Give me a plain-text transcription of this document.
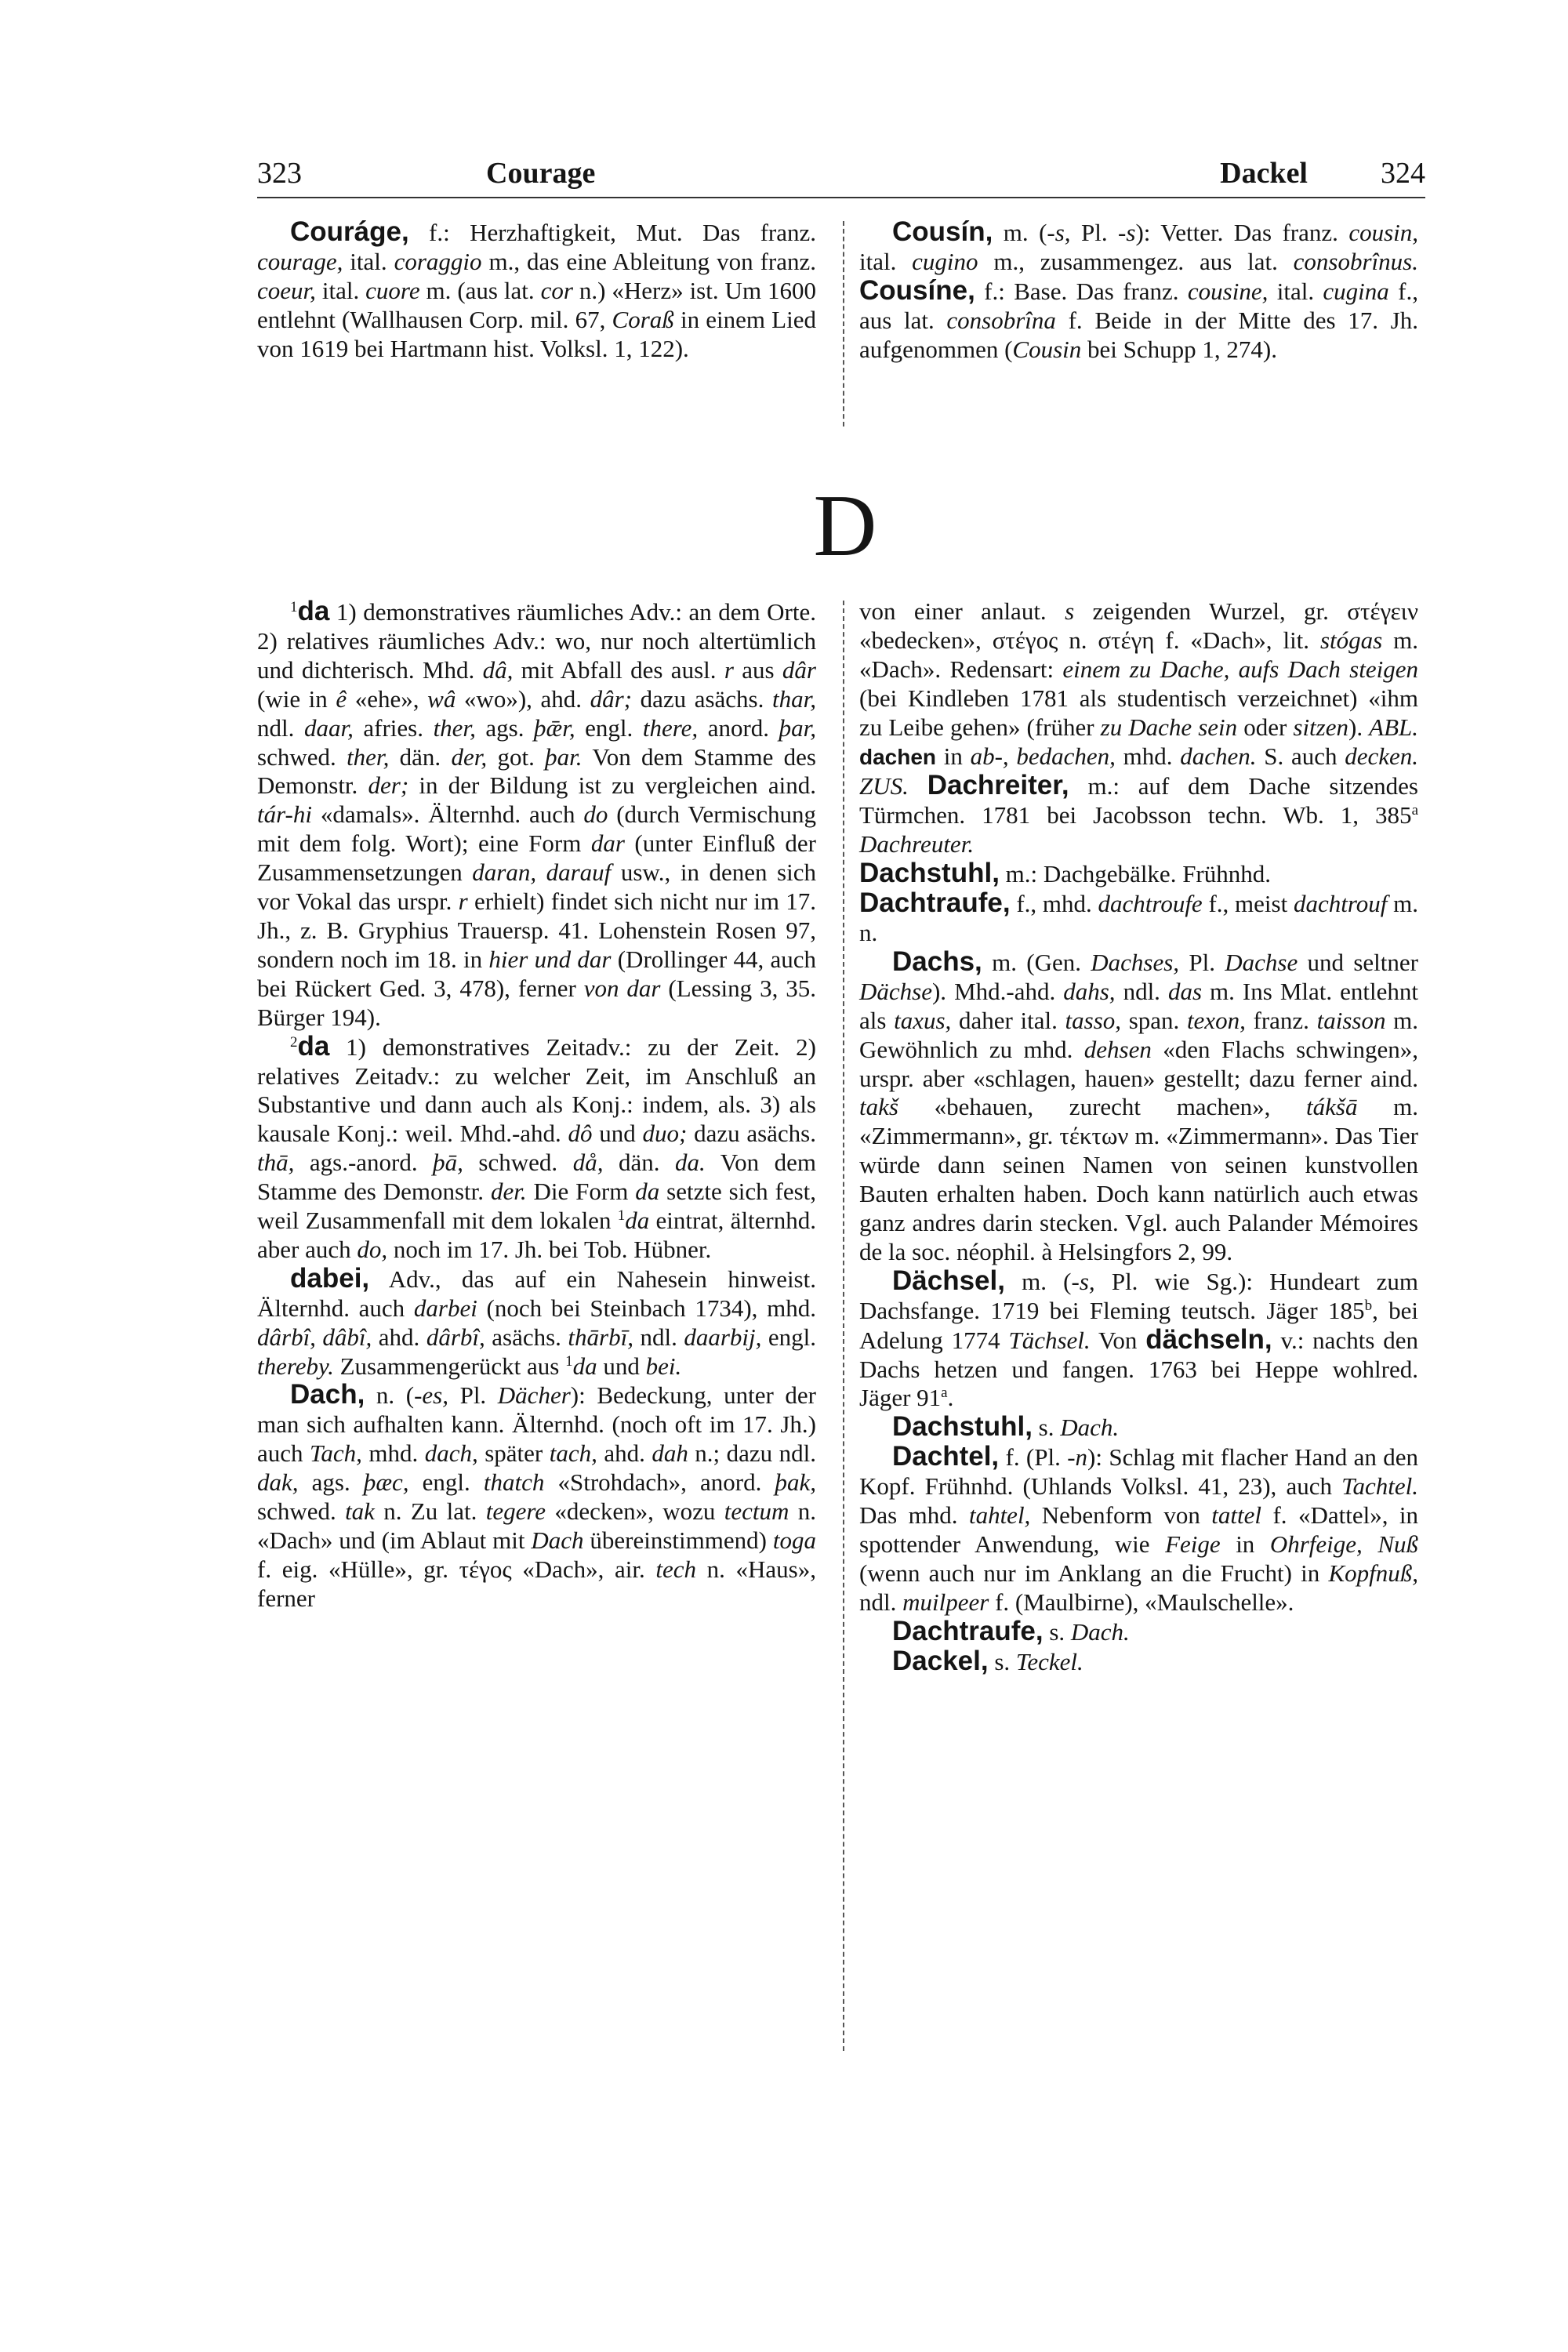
323	Courage	Dackel 324

Couráge, f.: Herzhaftigkeit, Mut. Das franz. courage, ital. coraggio m., das eine Ableitung von franz. coeur, ital. cuore m. (aus lat. cor n.) «Herz» ist. Um 1600 entlehnt (Wallhausen Corp. mil. 67, Coraß in einem Lied von 1619 bei Hartmann hist. Volksl. 1, 122).

Cousín, m. (-s, Pl. -s): Vetter. Das franz. cousin, ital. cugino m., zusammengez. aus lat. consobrînus. Cousíne, f.: Base. Das franz. cousine, ital. cugina f., aus lat. consobrîna f. Beide in der Mitte des 17. Jh. aufgenommen (Cousin bei Schupp 1, 274).

D

$^1$da 1) demonstratives räumliches Adv.: an dem Orte. 2) relatives räumliches Adv.: wo, nur noch altertümlich und dichterisch. Mhd. dâ, mit Abfall des ausl. r aus dâr (wie in ê «ehe», wâ «wo»), ahd. dâr; dazu asächs. thar, ndl. daar, afries. ther, ags. þǣr, engl. there, anord. þar, schwed. ther, dän. der, got. þar. Von dem Stamme des Demonstr. der; in der Bildung ist zu vergleichen aind. tár-hi «damals». Älternhd. auch do (durch Vermischung mit dem folg. Wort); eine Form dar (unter Einfluß der Zusammensetzungen daran, darauf usw., in denen sich vor Vokal das urspr. r erhielt) findet sich nicht nur im 17. Jh., z. B. Gryphius Trauersp. 41. Lohenstein Rosen 97, sondern noch im 18. in hier und dar (Drollinger 44, auch bei Rückert Ged. 3, 478), ferner von dar (Lessing 3, 35. Bürger 194).

$^2$da 1) demonstratives Zeitadv.: zu der Zeit. 2) relatives Zeitadv.: zu welcher Zeit, im Anschluß an Substantive und dann auch als Konj.: indem, als. 3) als kausale Konj.: weil. Mhd.-ahd. dô und duo; dazu asächs. thā, ags.-anord. þā, schwed. då, dän. da. Von dem Stamme des Demonstr. der. Die Form da setzte sich fest, weil Zusammenfall mit dem lokalen $^1$da eintrat, älternhd. aber auch do, noch im 17. Jh. bei Tob. Hübner.

dabei, Adv., das auf ein Nahesein hinweist. Älternhd. auch darbei (noch bei Steinbach 1734), mhd. dârbî, dâbî, ahd. dârbî, asächs. thārbī, ndl. daarbij, engl. thereby. Zusammengerückt aus $^1$da und bei.

Dach, n. (-es, Pl. Dächer): Bedeckung, unter der man sich aufhalten kann. Älternhd. (noch oft im 17. Jh.) auch Tach, mhd. dach, später tach, ahd. dah n.; dazu ndl. dak, ags. þæc, engl. thatch «Strohdach», anord. þak, schwed. tak n. Zu lat. tegere «decken», wozu tectum n. «Dach» und (im Ablaut mit Dach übereinstimmend) toga f. eig. «Hülle», gr. τέγος «Dach», air. tech n. «Haus», ferner

von einer anlaut. s zeigenden Wurzel, gr. στέγειν «bedecken», στέγος n. στέγη f. «Dach», lit. stógas m. «Dach». Redensart: einem zu Dache, aufs Dach steigen (bei Kindleben 1781 als studentisch verzeichnet) «ihm zu Leibe gehen» (früher zu Dache sein oder sitzen). ABL. dachen in ab-, bedachen, mhd. dachen. S. auch decken. ZUS. Dachreiter, m.: auf dem Dache sitzendes Türmchen. 1781 bei Jacobsson techn. Wb. 1, 385$^a$ Dachreuter.

Dachstuhl, m.: Dachgebälke. Frühnhd.

Dachtraufe, f., mhd. dachtroufe f., meist dachtrouf m. n.

Dachs, m. (Gen. Dachses, Pl. Dachse und seltner Dächse). Mhd.-ahd. dahs, ndl. das m. Ins Mlat. entlehnt als taxus, daher ital. tasso, span. texon, franz. taisson m. Gewöhnlich zu mhd. dehsen «den Flachs schwingen», urspr. aber «schlagen, hauen» gestellt; dazu ferner aind. takš «behauen, zurecht machen», tákšā m. «Zimmermann», gr. τέκτων m. «Zimmermann». Das Tier würde dann seinen Namen von seinen kunstvollen Bauten erhalten haben. Doch kann natürlich auch etwas ganz andres darin stecken. Vgl. auch Palander Mémoires de la soc. néophil. à Helsingfors 2, 99.

Dächsel, m. (-s, Pl. wie Sg.): Hundeart zum Dachsfange. 1719 bei Fleming teutsch. Jäger 185$^b$, bei Adelung 1774 Tächsel. Von dächseln, v.: nachts den Dachs hetzen und fangen. 1763 bei Heppe wohlred. Jäger 91$^a$.

Dachstuhl, s. Dach.

Dachtel, f. (Pl. -n): Schlag mit flacher Hand an den Kopf. Frühnhd. (Uhlands Volksl. 41, 23), auch Tachtel. Das mhd. tahtel, Nebenform von tattel f. «Dattel», in spottender Anwendung, wie Feige in Ohrfeige, Nuß (wenn auch nur im Anklang an die Frucht) in Kopfnuß, ndl. muilpeer f. (Maulbirne), «Maulschelle».

Dachtraufe, s. Dach.

Dackel, s. Teckel.
